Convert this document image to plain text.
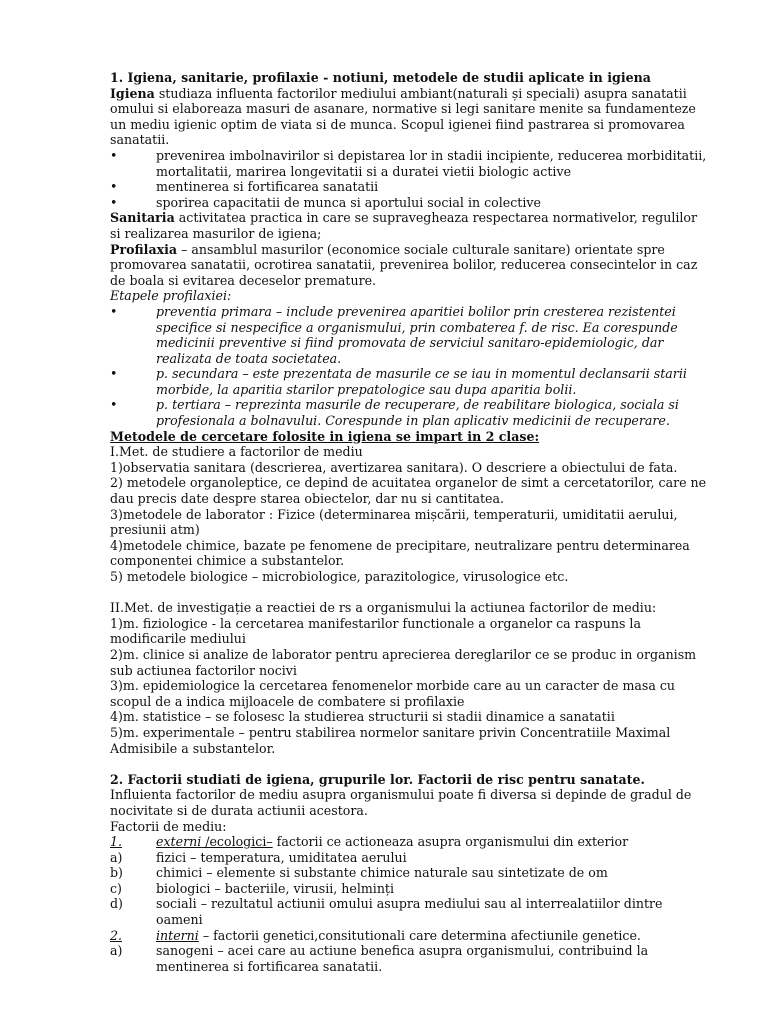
1. Igiena, sanitarie, profilaxie - notiuni, metodele de studii aplicate in igiena

Igiena studiaza influenta factorilor mediului ambiant(naturali și speciali) asupra sanatatii omului si elaboreaza masuri de asanare, normative si legi sanitare menite sa fundamenteze un mediu igienic optim de viata si de munca. Scopul igienei fiind pastrarea si promovarea sanatatii.

•	prevenirea imbolnavirilor si depistarea lor in stadii incipiente, reducerea morbiditatii, mortalitatii, marirea longevitatii si a duratei vietii biologic active
•	mentinerea si fortificarea sanatatii
•	sporirea capacitatii de munca si aportului social in colective

Sanitaria activitatea practica in care se supravegheaza respectarea normativelor, regulilor si realizarea masurilor de igiena;

Profilaxia – ansamblul masurilor (economice sociale culturale sanitare) orientate spre promovarea sanatatii, ocrotirea sanatatii, prevenirea bolilor, reducerea consecintelor in caz de boala si evitarea deceselor premature.

Etapele profilaxiei:

•	preventia primara – include prevenirea aparitiei bolilor prin cresterea rezistentei specifice si nespecifice a organismului, prin combaterea f. de risc. Ea corespunde medicinii preventive si fiind promovata de serviciul sanitaro-epidemiologic, dar realizata de toata societatea.
•	p. secundara – este prezentata de masurile ce se iau in momentul declansarii starii morbide, la aparitia starilor prepatologice sau dupa aparitia bolii.
•	p. tertiara – reprezinta masurile de recuperare, de reabilitare biologica, sociala si profesionala a bolnavului. Corespunde in plan aplicativ medicinii de recuperare.

Metodele de cercetare folosite in igiena se impart in 2 clase:

I.Met. de studiere a factorilor de mediu

1)observatia sanitara (descrierea, avertizarea sanitara). O descriere a obiectului de fata.

2) metodele organoleptice, ce depind de acuitatea organelor de simt a cercetatorilor, care ne dau precis date despre starea obiectelor, dar nu si cantitatea.

3)metodele de laborator : Fizice (determinarea mișcării, temperaturii, umiditatii aerului, presiunii atm)

4)metodele chimice, bazate pe fenomene de precipitare, neutralizare pentru determinarea componentei chimice a substantelor.

5) metodele biologice – microbiologice, parazitologice, virusologice etc.

II.Met. de investigație a reactiei de rs a organismului la actiunea factorilor de mediu:

1)m. fiziologice - la cercetarea manifestarilor functionale a organelor ca raspuns la modificarile mediului

2)m. clinice si analize de laborator pentru aprecierea dereglarilor ce se produc in organism sub actiunea factorilor nocivi

3)m. epidemiologice la cercetarea fenomenelor morbide care au un caracter de masa cu scopul de a indica mijloacele de combatere si profilaxie

4)m. statistice – se folosesc la studierea structurii si stadii dinamice a sanatatii

5)m. experimentale – pentru stabilirea normelor sanitare privin Concentratiile Maximal Admisibile a substantelor.

2. Factorii studiati de igiena, grupurile lor. Factorii de risc pentru sanatate.

Influienta factorilor de mediu asupra organismului poate fi diversa si depinde de gradul de nocivitate si de durata actiunii acestora.

Factorii de mediu:

1.	externi /ecologici– factorii ce actioneaza asupra organismului din exterior
a)	fizici – temperatura, umiditatea aerului
b)	chimici – elemente si substante chimice naturale sau sintetizate de om
c)	biologici – bacteriile, virusii, helminți
d)	sociali – rezultatul actiunii omului asupra mediului sau al interrealatiilor dintre oameni
2.	interni – factorii genetici,consitutionali care determina afectiunile genetice.
a)	sanogeni – acei care au actiune benefica asupra organismului, contribuind la mentinerea si fortificarea sanatatii.
